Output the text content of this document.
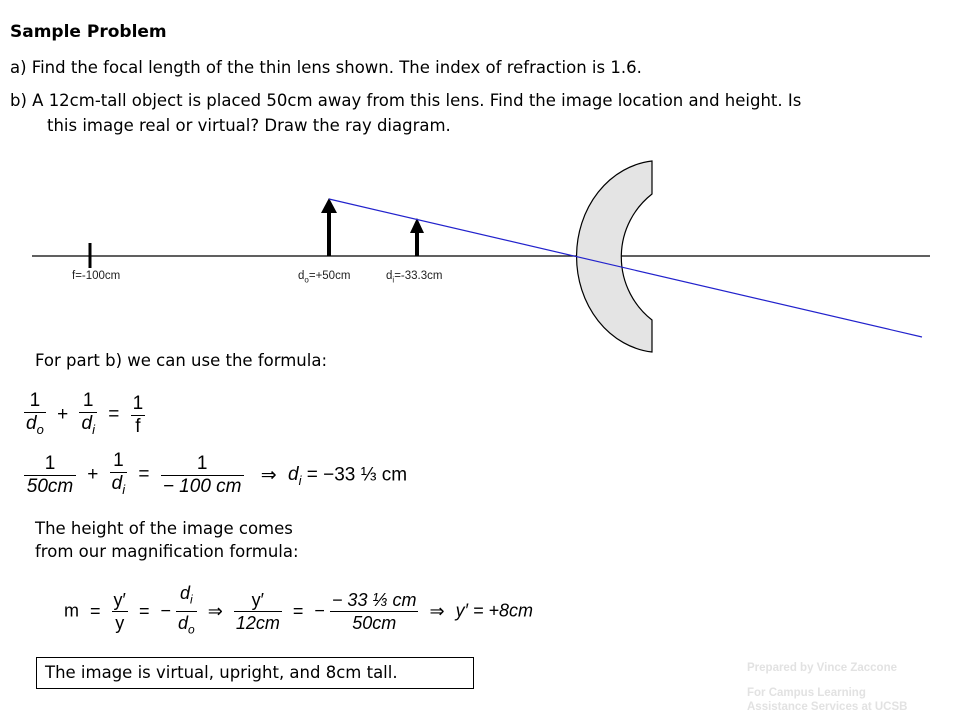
Sample Problem
a) Find the focal length of the thin lens shown. The index of refraction is 1.6.
b) A 12cm-tall object is placed 50cm away from this lens. Find the image location and height. Is
this image real or virtual? Draw the ray diagram.
f=-100cm	$d_o=+50cm$	$d_i=-33.3cm$
For part b) we can use the formula:
$\frac{1}{d_o} + \frac{1}{d_i} = \frac{1}{f}$
$\frac{1}{50cm} + \frac{1}{d_i} = \frac{1}{- 100 cm}$ ⇒ $d_i = -33$ ⅓ cm
The height of the image comes
from our magnification formula:
$m = \frac{y'}{y}$ = − $\frac{d_i}{d_o}$ ⇒ $\frac{y'}{12cm}$ = − $\frac{\text{− 33 ⅓ cm}}{50cm}$ ⇒ y′ = +8cm
The image is virtual, upright, and 8cm tall.	Prepared by Vince Zaccone
For Campus Learning
Assistance Services at UCSB
